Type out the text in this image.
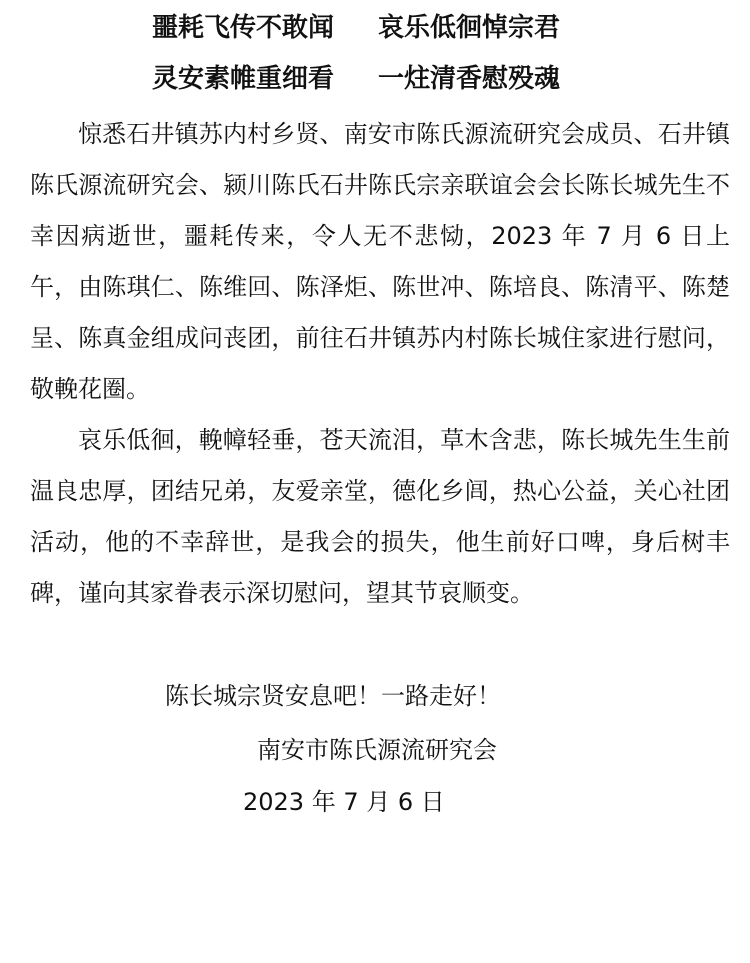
噩耗飞传不敢闻 哀乐低徊悼宗君
灵安素帷重细看 一炷清香慰殁魂

惊悉石井镇苏内村乡贤、南安市陈氏源流研究会成员、石井镇陈氏源流研究会、颍川陈氏石井陈氏宗亲联谊会会长陈长城先生不幸因病逝世，噩耗传来，令人无不悲恸，2023 年 7 月 6 日上午，由陈琪仁、陈维回、陈泽炬、陈世冲、陈培良、陈清平、陈楚呈、陈真金组成问丧团，前往石井镇苏内村陈长城住家进行慰问，敬輓花圈。

哀乐低徊，輓幛轻垂，苍天流泪，草木含悲，陈长城先生生前温良忠厚，团结兄弟，友爱亲堂，德化乡闾，热心公益，关心社团活动，他的不幸辞世，是我会的损失，他生前好口啤，身后树丰碑，谨向其家眷表示深切慰问，望其节哀顺变。

陈长城宗贤安息吧！一路走好！
南安市陈氏源流研究会
2023 年 7 月 6 日
